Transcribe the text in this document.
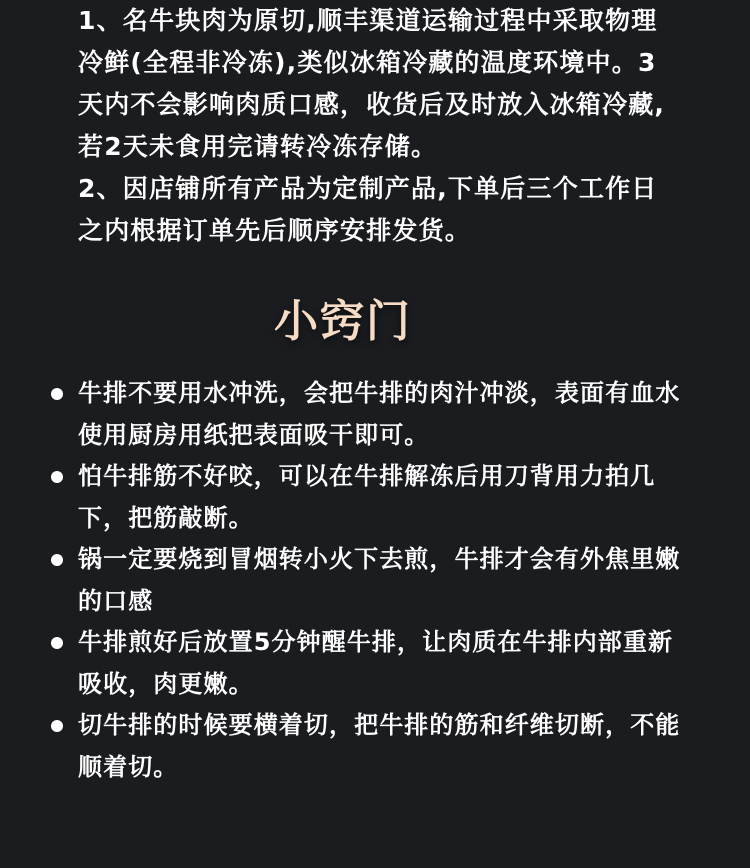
1、名牛块肉为原切,顺丰渠道运输过程中采取物理冷鲜(全程非冷冻),类似冰箱冷藏的温度环境中。3天内不会影响肉质口感，收货后及时放入冰箱冷藏,若2天未食用完请转冷冻存储。

2、因店铺所有产品为定制产品,下单后三个工作日之内根据订单先后顺序安排发货。

小窍门
牛排不要用水冲洗，会把牛排的肉汁冲淡，表面有血水使用厨房用纸把表面吸干即可。
怕牛排筋不好咬，可以在牛排解冻后用刀背用力拍几下，把筋敲断。
锅一定要烧到冒烟转小火下去煎，牛排才会有外焦里嫩的口感
牛排煎好后放置5分钟醒牛排，让肉质在牛排内部重新吸收，肉更嫩。
切牛排的时候要横着切，把牛排的筋和纤维切断，不能顺着切。
